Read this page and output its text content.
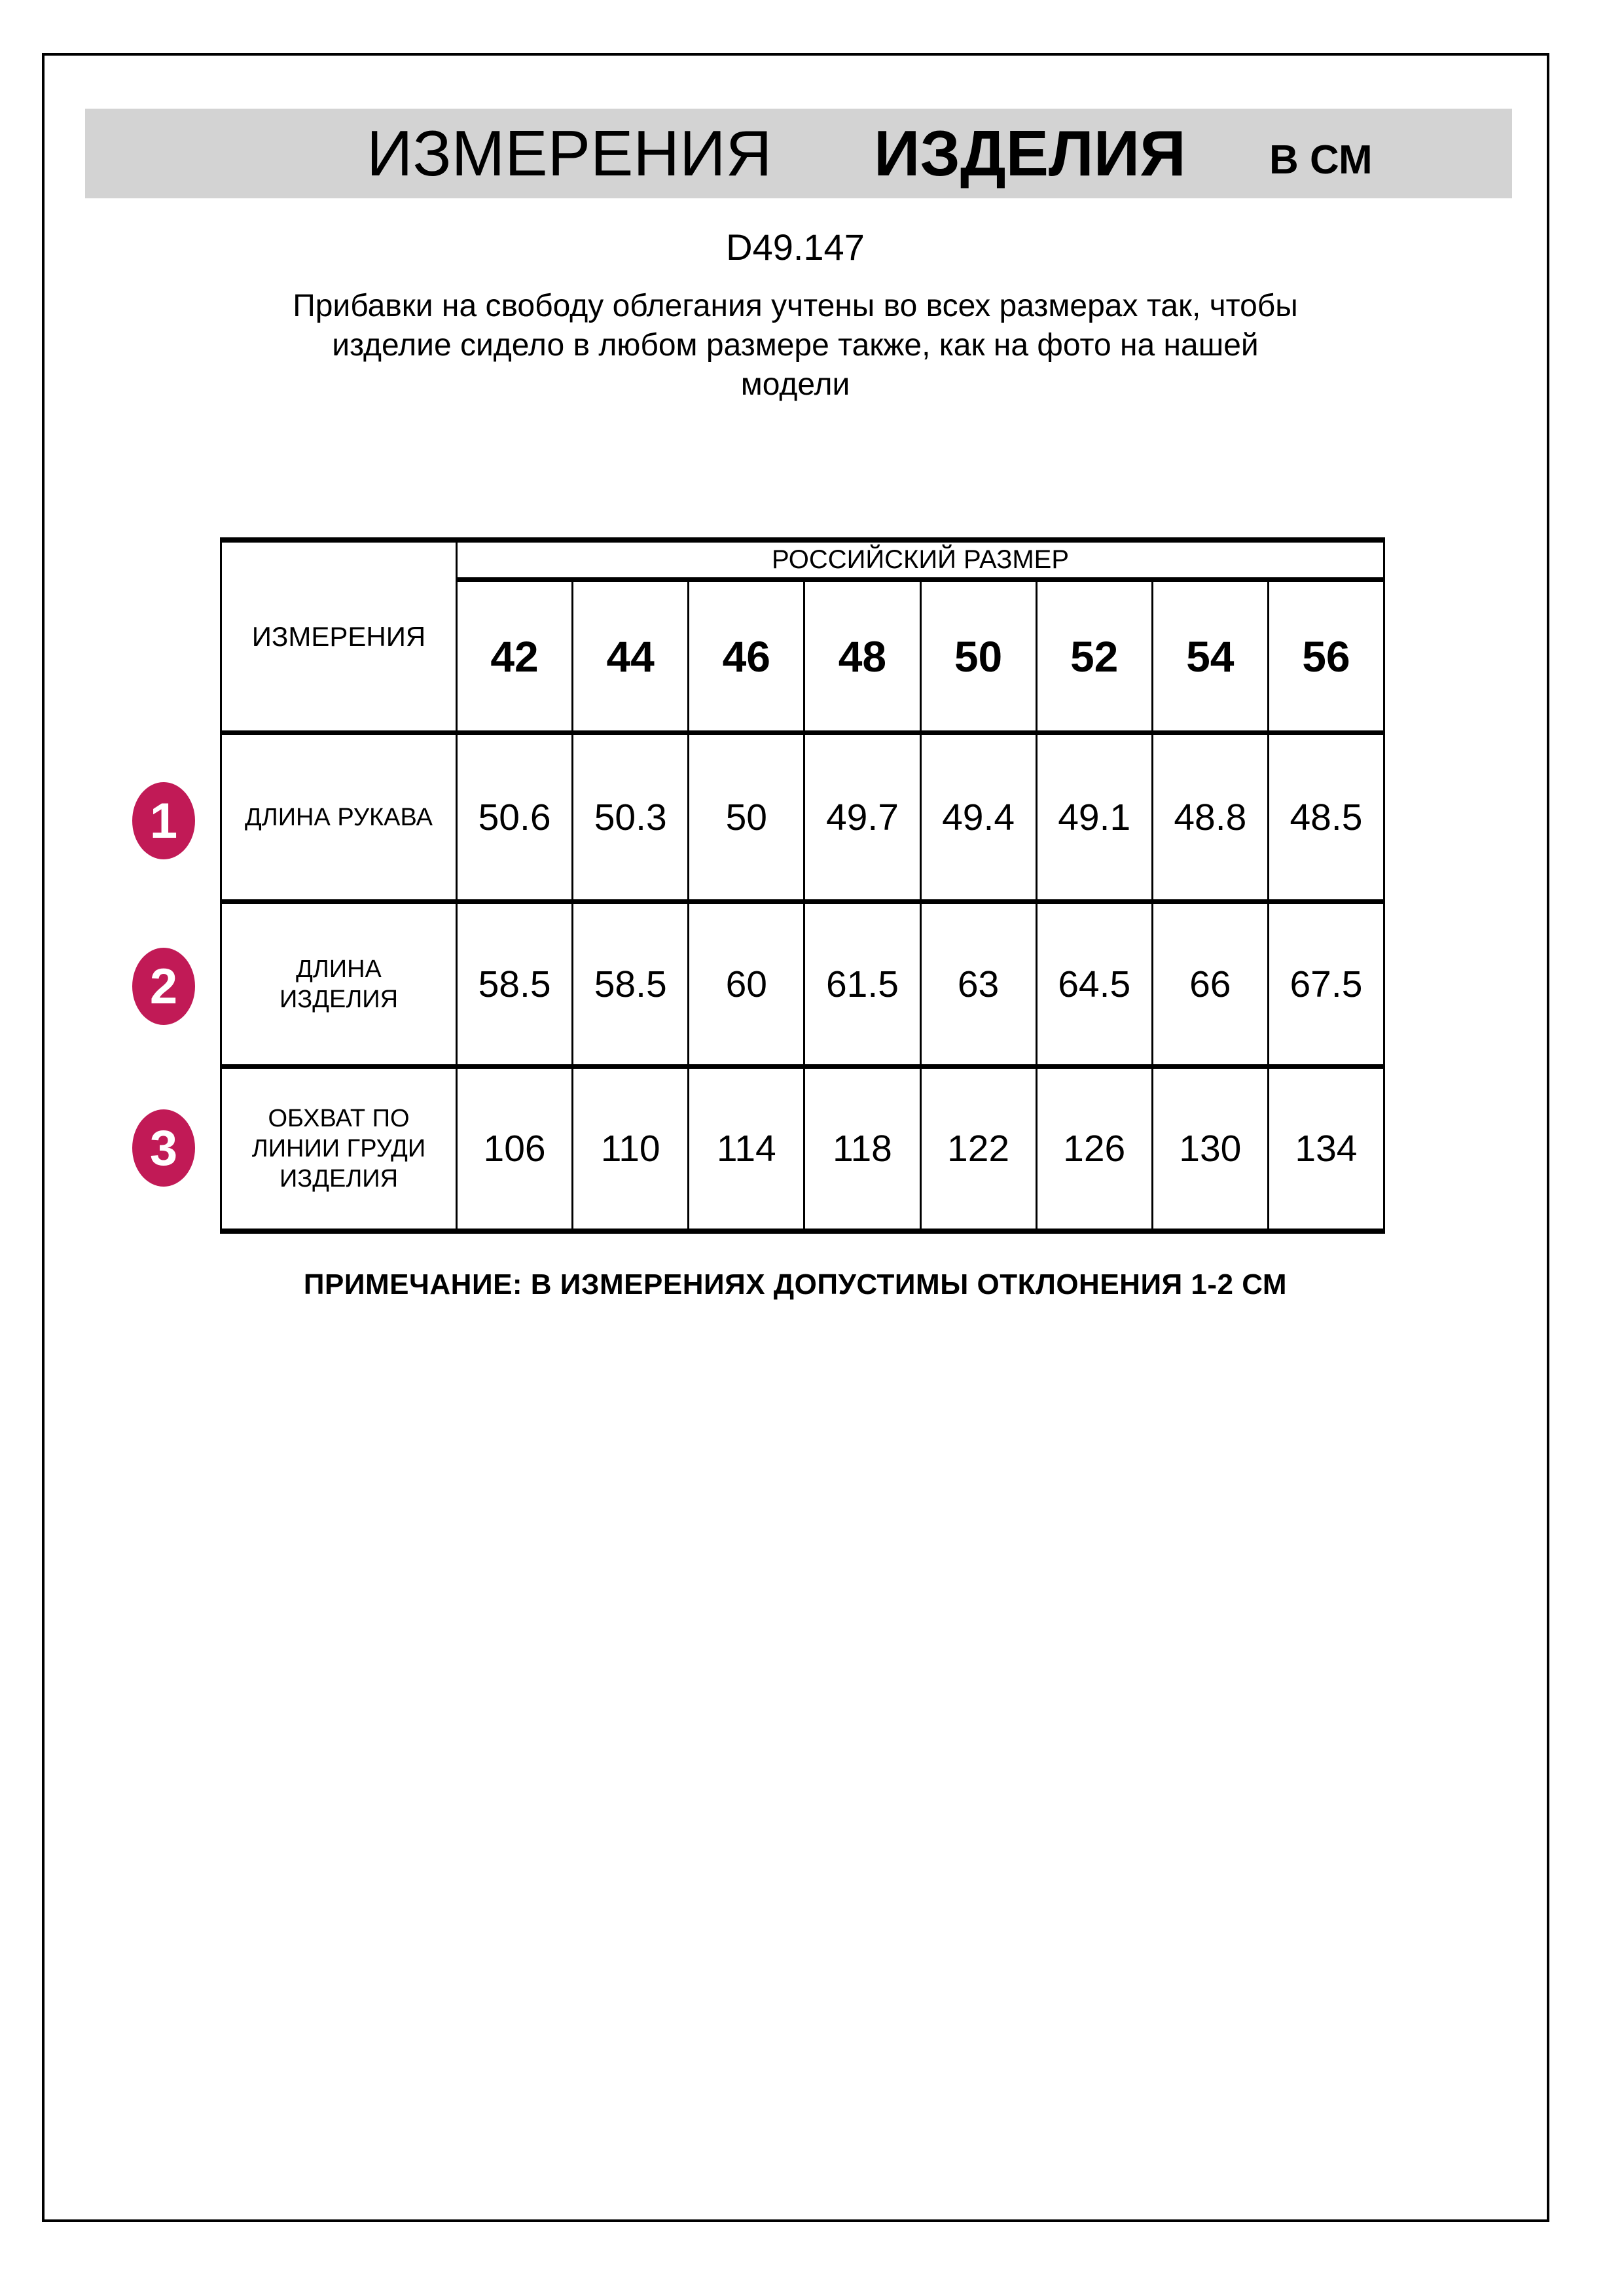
ИЗМЕРЕНИЯ ИЗДЕЛИЯ В СМ
D49.147
Прибавки на свободу облегания учтены во всех размерах так, чтобы
изделие сидело в любом размере также, как на фото на нашей
модели
ИЗМЕРЕНИЯ
РОССИЙСКИЙ РАЗМЕР
42	44	46	48	50	52	54	56
ДЛИНА РУКАВА	50.6	50.3	50	49.7	49.4	49.1	48.8	48.5
ДЛИНА
ИЗДЕЛИЯ	58.5	58.5	60	61.5	63	64.5	66	67.5
ОБХВАТ ПО
ЛИНИИ ГРУДИ
ИЗДЕЛИЯ
106	110	114	118	122	126	130	134
1
2
3
ПРИМЕЧАНИЕ: В ИЗМЕРЕНИЯХ ДОПУСТИМЫ ОТКЛОНЕНИЯ 1-2 СМ
